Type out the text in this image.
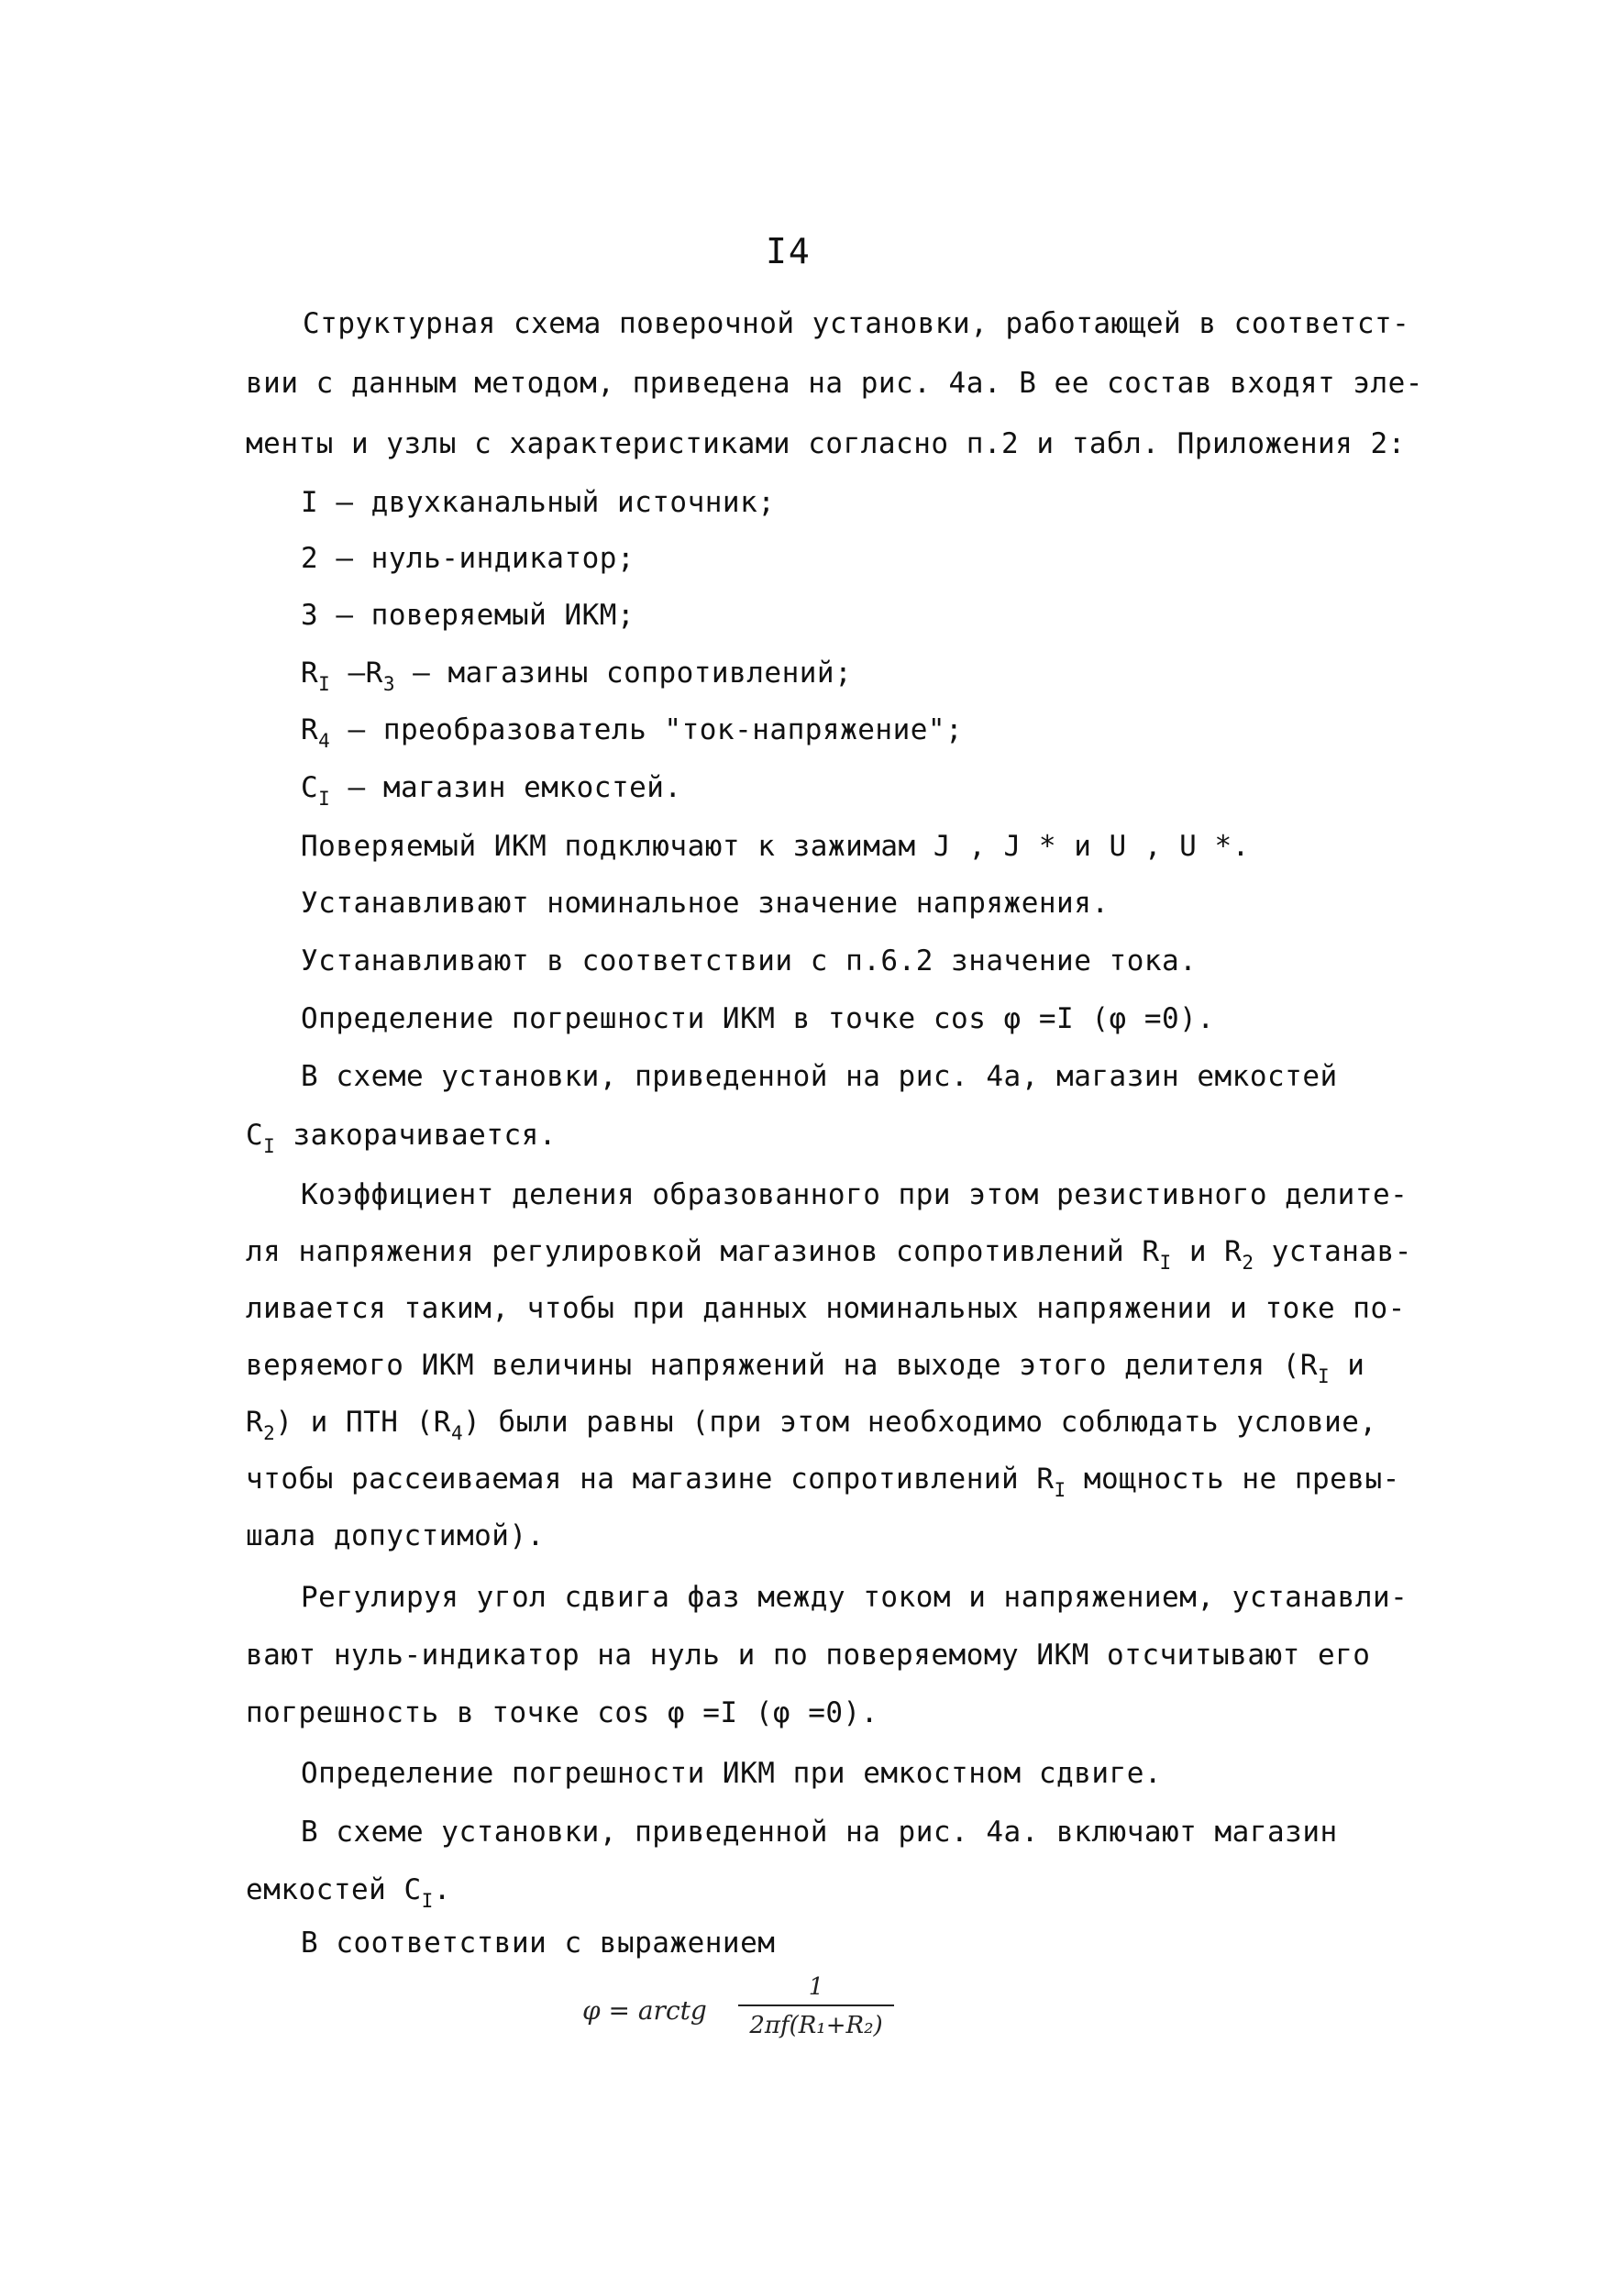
I4
Структурная схема поверочной установки, работающей в соответст-
вии с данным методом, приведена на рис. 4а. В ее состав входят эле-
менты и узлы с характеристиками согласно п.2 и табл. Приложения 2:
I – двухканальный источник;
2 – нуль-индикатор;
3 – поверяемый ИКМ;
$R_I$ $-R_3$ – магазины сопротивлений;
$R_4$ – преобразователь "ток-напряжение";
$C_I$ – магазин емкостей.
Поверяемый ИКМ подключают к зажимам J , J * и U , U *.
Устанавливают номинальное значение напряжения.
Устанавливают в соответствии с п.6.2 значение тока.
Определение погрешности ИКМ в точке cos φ =I (φ =0).
В схеме установки, приведенной на рис. 4а, магазин емкостей
$C_I$ закорачивается.
Коэффициент деления образованного при этом резистивного делите-
ля напряжения регулировкой магазинов сопротивлений $R_I$ и $R_2$ устанав-
ливается таким, чтобы при данных номинальных напряжении и токе по-
веряемого ИКМ величины напряжений на выходе этого делителя ($R_I$ и
$R_2$) и ПТН $(R_4)$ были равны (при этом необходимо соблюдать условие,
чтобы рассеиваемая на магазине сопротивлений $R_I$ мощность не превы-
шала допустимой).
Регулируя угол сдвига фаз между током и напряжением, устанавли-
вают нуль-индикатор на нуль и по поверяемому ИКМ отсчитывают его
погрешность в точке cos φ =I (φ =0).
Определение погрешности ИКМ при емкостном сдвиге.
В схеме установки, приведенной на рис. 4а. включают магазин
емкостей $C_I$.
В соответствии с выражением
φ = arctg
1
2πf(R₁+R₂)
